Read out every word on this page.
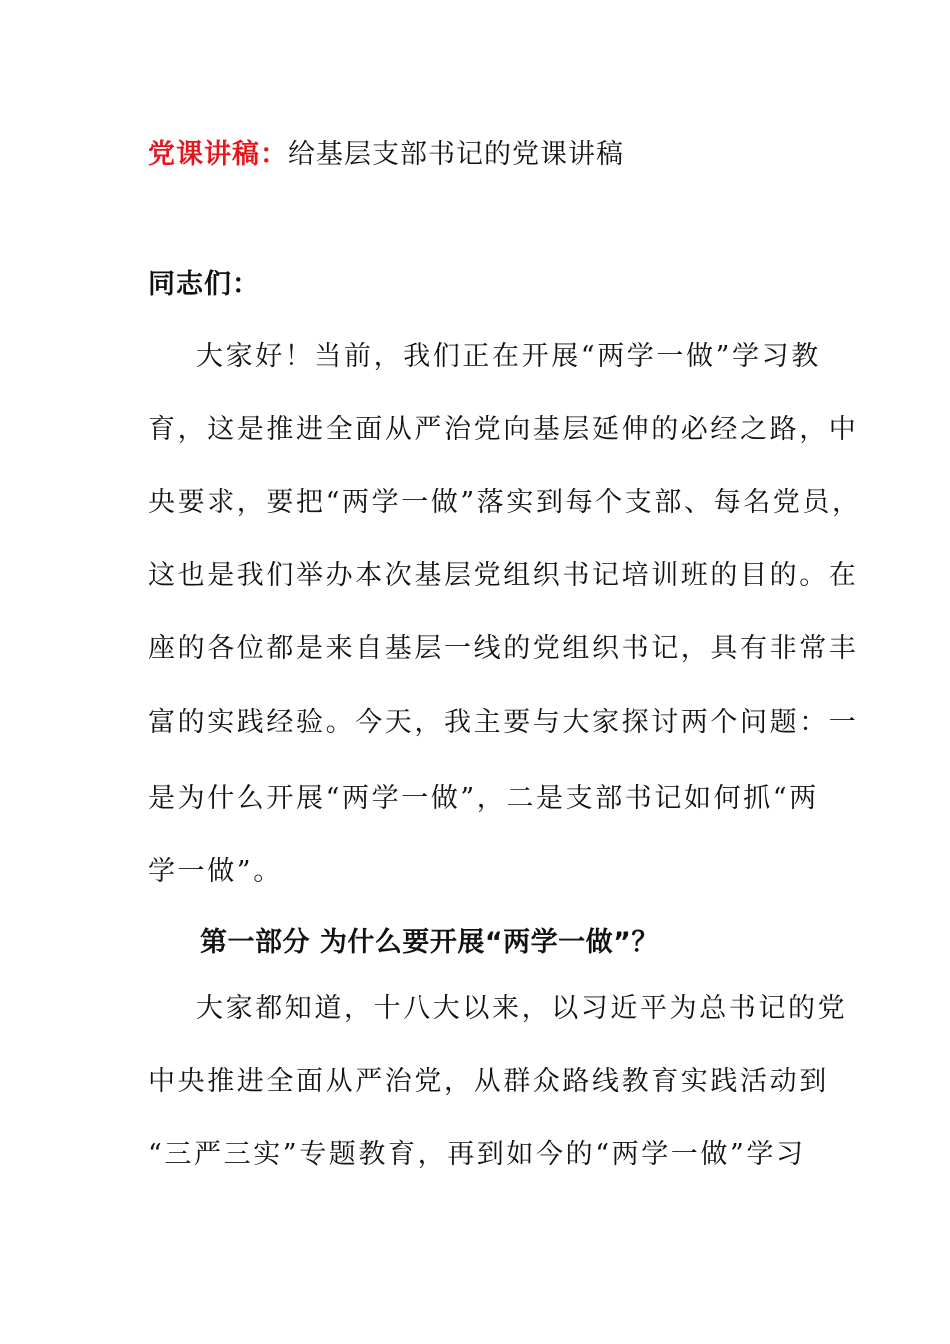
党课讲稿：给基层支部书记的党课讲稿
同志们：
大家好！当前，我们正在开展“两学一做”学习教
育，这是推进全面从严治党向基层延伸的必经之路，中
央要求，要把“两学一做”落实到每个支部、每名党员，
这也是我们举办本次基层党组织书记培训班的目的。在
座的各位都是来自基层一线的党组织书记，具有非常丰
富的实践经验。今天，我主要与大家探讨两个问题：一
是为什么开展“两学一做”，二是支部书记如何抓“两
学一做”。
第一部分 为什么要开展“两学一做”？
大家都知道，十八大以来，以习近平为总书记的党
中央推进全面从严治党，从群众路线教育实践活动到
“三严三实”专题教育，再到如今的“两学一做”学习
